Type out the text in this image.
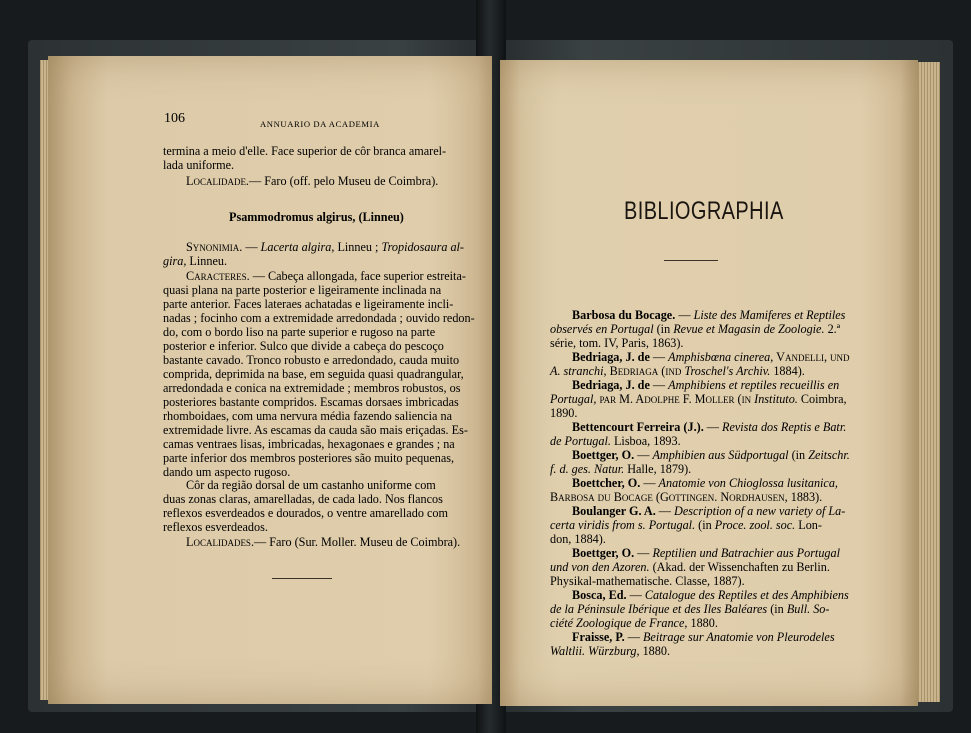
106	ANNUARIO DA ACADEMIA
termina a meio d'elle. Face superior de côr branca amarel-
lada uniforme.
Localidade.— Faro (off. pelo Museu de Coimbra).
Psammodromus algirus, (Linneu)
Synonimia. — Lacerta algira, Linneu ; Tropidosaura al-
gira, Linneu.
Caracteres. — Cabeça allongada, face superior estreita-
quasi plana na parte posterior e ligeiramente inclinada na
parte anterior. Faces lateraes achatadas e ligeiramente incli-
nadas ; focinho com a extremidade arredondada ; ouvido redon-
do, com o bordo liso na parte superior e rugoso na parte
posterior e inferior. Sulco que divide a cabeça do pescoço
bastante cavado. Tronco robusto e arredondado, cauda muito
comprida, deprimida na base, em seguida quasi quadrangular,
arredondada e conica na extremidade ; membros robustos, os
posteriores bastante compridos. Escamas dorsaes imbricadas
rhomboidaes, com uma nervura média fazendo saliencia na
extremidade livre. As escamas da cauda são mais eriçadas. Es-
camas ventraes lisas, imbricadas, hexagonaes e grandes ; na
parte inferior dos membros posteriores são muito pequenas,
dando um aspecto rugoso.
Côr da região dorsal de um castanho uniforme com
duas zonas claras, amarelladas, de cada lado. Nos flancos
reflexos esverdeados e dourados, o ventre amarellado com
reflexos esverdeados.
Localidades.— Faro (Sur. Moller. Museu de Coimbra).
BIBLIOGRAPHIA
Barbosa du Bocage. — Liste des Mamiferes et Reptiles
observés en Portugal (in Revue et Magasin de Zoologie. 2.ª
série, tom. IV, Paris, 1863).
Bedriaga, J. de — Amphisbœna cinerea, Vandelli, und
A. stranchi, Bedriaga (ind Troschel's Archiv. 1884).
Bedriaga, J. de — Amphibiens et reptiles recueillis en
Portugal, par M. Adolphe F. Moller (in Instituto. Coimbra,
1890.
Bettencourt Ferreira (J.). — Revista dos Reptis e Batr.
de Portugal. Lisboa, 1893.
Boettger, O. — Amphibien aus Südportugal (in Zeitschr.
f. d. ges. Natur. Halle, 1879).
Boettcher, O. — Anatomie von Chioglossa lusitanica,
Barbosa du Bocage (Gottingen. Nordhausen, 1883).
Boulanger G. A. — Description of a new variety of La-
certa viridis from s. Portugal. (in Proce. zool. soc. Lon-
don, 1884).
Boettger, O. — Reptilien und Batrachier aus Portugal
und von den Azoren. (Akad. der Wissenchaften zu Berlin.
Physikal-mathematische. Classe, 1887).
Bosca, Ed. — Catalogue des Reptiles et des Amphibiens
de la Péninsule Ibérique et des Iles Baléares (in Bull. So-
ciété Zoologique de France, 1880.
Fraisse, P. — Beitrage sur Anatomie von Pleurodeles
Waltlii. Würzburg, 1880.
